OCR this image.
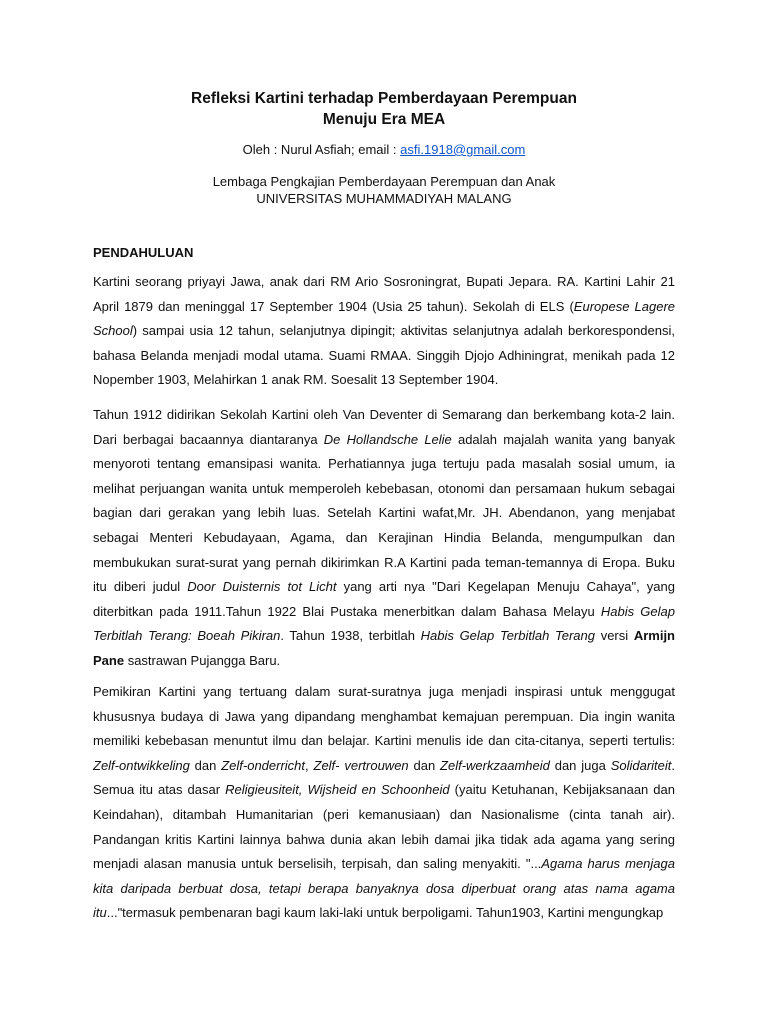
Refleksi Kartini terhadap Pemberdayaan Perempuan
Menuju Era MEA
Oleh : Nurul Asfiah; email : asfi.1918@gmail.com
Lembaga Pengkajian Pemberdayaan Perempuan dan Anak
UNIVERSITAS MUHAMMADIYAH MALANG
PENDAHULUAN

Kartini seorang priyayi Jawa, anak dari RM Ario Sosroningrat, Bupati Jepara. RA. Kartini Lahir 21 April 1879 dan meninggal 17 September 1904 (Usia 25 tahun). Sekolah di ELS (Europese Lagere School) sampai usia 12 tahun, selanjutnya dipingit; aktivitas selanjutnya adalah berkorespondensi, bahasa Belanda menjadi modal utama. Suami RMAA. Singgih Djojo Adhiningrat, menikah pada 12 Nopember 1903, Melahirkan 1 anak RM. Soesalit 13 September 1904.

Tahun 1912 didirikan Sekolah Kartini oleh Van Deventer di Semarang dan berkembang kota-2 lain. Dari berbagai bacaannya diantaranya De Hollandsche Lelie adalah majalah wanita yang banyak menyoroti tentang emansipasi wanita. Perhatiannya juga tertuju pada masalah sosial umum, ia melihat perjuangan wanita untuk memperoleh kebebasan, otonomi dan persamaan hukum sebagai bagian dari gerakan yang lebih luas. Setelah Kartini wafat,Mr. JH. Abendanon, yang menjabat sebagai Menteri Kebudayaan, Agama, dan Kerajinan Hindia Belanda, mengumpulkan dan membukukan surat-surat yang pernah dikirimkan R.A Kartini pada teman-temannya di Eropa. Buku itu diberi judul Door Duisternis tot Licht yang arti nya "Dari Kegelapan Menuju Cahaya", yang diterbitkan pada 1911.Tahun 1922 Blai Pustaka menerbitkan dalam Bahasa Melayu Habis Gelap Terbitlah Terang: Boeah Pikiran. Tahun 1938, terbitlah Habis Gelap Terbitlah Terang versi Armijn Pane sastrawan Pujangga Baru.

Pemikiran Kartini yang tertuang dalam surat-suratnya juga menjadi inspirasi untuk menggugat khususnya budaya di Jawa yang dipandang menghambat kemajuan perempuan. Dia ingin wanita memiliki kebebasan menuntut ilmu dan belajar. Kartini menulis ide dan cita-citanya, seperti tertulis: Zelf-ontwikkeling dan Zelf-onderricht, Zelf- vertrouwen dan Zelf-werkzaamheid dan juga Solidariteit. Semua itu atas dasar Religieusiteit, Wijsheid en Schoonheid (yaitu Ketuhanan, Kebijaksanaan dan Keindahan), ditambah Humanitarian (peri kemanusiaan) dan Nasionalisme (cinta tanah air). Pandangan kritis Kartini lainnya bahwa dunia akan lebih damai jika tidak ada agama yang sering menjadi alasan manusia untuk berselisih, terpisah, dan saling menyakiti. "...Agama harus menjaga kita daripada berbuat dosa, tetapi berapa banyaknya dosa diperbuat orang atas nama agama itu..."termasuk pembenaran bagi kaum laki-laki untuk berpoligami. Tahun1903, Kartini mengungkap
